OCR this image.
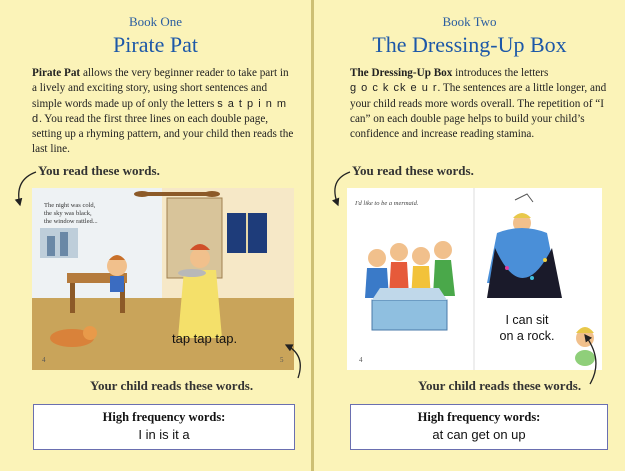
Book One
Pirate Pat
Pirate Pat allows the very beginner reader to take part in a lively and exciting story, using short sentences and simple words made up of only the letters s a t p i n m d. You read the first three lines on each double page, setting up a rhyming pattern, and your child then reads the last line.
You read these words.
The night was cold,
the sky was black,
the window rattled...
tap tap tap.
4	5
Your child reads these words.
High frequency words:
I in is it a
Book Two
The Dressing-Up Box
The Dressing-Up Box introduces the letters
g o c k ck e u r. The sentences are a little longer, and your child reads more words overall. The repetition of “I can” on each double page helps to build your child’s confidence and increase reading stamina.
You read these words.
I'd like to be a mermaid.
I can sit
on a rock.
4
Your child reads these words.
High frequency words:
at can get on up
